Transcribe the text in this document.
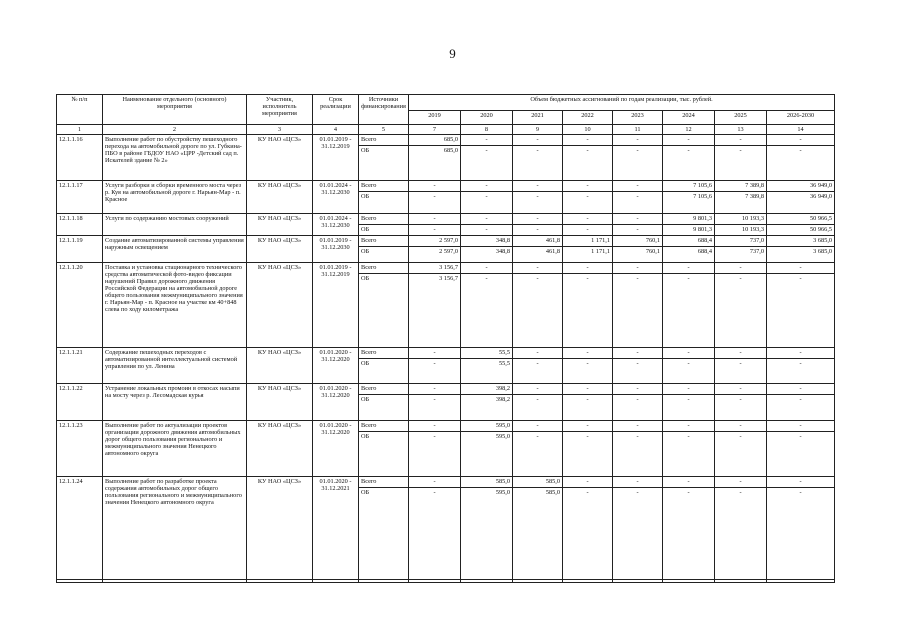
9
№ п/п	Наименование отдельного (основного) мероприятия	Участник, исполнитель мероприятия	Срок реализации	Источники финансирования	Объем бюджетных ассигнований по годам реализации, тыс. рублей.							
					2019	2020	2021	2022	2023	2024	2025	2026-2030
1	2	3	4	5	7	8	9	10	11	12	13	14
12.1.1.16	Выполнение работ по обустройству пешеходного перехода на автомобильной дороге по ул. Губкина-ПБО в районе ГБДОУ НАО «ЦРР -Детский сад п. Искателей здание № 2»	КУ НАО «ЦСЗ»	01.01.2019 - 31.12.2019	Всего	685,0	-	-	-	-	-	-	-
				ОБ	685,0	-	-	-	-	-	-	-
12.1.1.17	Услуги разборки и сборки временного моста через р. Куя на автомобильной дороге г. Нарьян-Мар - п. Красное	КУ НАО «ЦСЗ»	01.01.2024 - 31.12.2030	Всего	-	-	-	-	-	7 105,6	7 389,8	36 949,0
				ОБ	-	-	-	-	-	7 105,6	7 389,8	36 949,0
12.1.1.18	Услуги по содержанию мостовых сооружений	КУ НАО «ЦСЗ»	01.01.2024 - 31.12.2030	Всего	-	-	-	-	-	9 801,3	10 193,3	50 966,5
				ОБ	-	-	-	-	-	9 801,3	10 193,3	50 966,5
12.1.1.19	Создание автоматизированной системы управления наружным освещением	КУ НАО «ЦСЗ»	01.01.2019 - 31.12.2030	Всего	2 597,0	348,8	461,8	1 171,1	760,1	688,4	737,0	3 685,0
				ОБ	2 597,0	348,8	461,8	1 171,1	760,1	688,4	737,0	3 685,0
12.1.1.20	Поставка и установка стационарного технического средства автоматической фото-видео фиксации нарушений Правил дорожного движения Российской Федерации на автомобильной дороге общего пользования межмуниципального значения г. Нарьян-Мар - п. Красное на участке км 40+848 слева по ходу километража	КУ НАО «ЦСЗ»	01.01.2019 - 31.12.2019	Всего	3 156,7	-	-	-	-	-	-	-
				ОБ	3 156,7	-	-	-	-	-	-	-
12.1.1.21	Содержание пешеходных переходов с автоматизированной интеллектуальной системой управления по ул. Ленина	КУ НАО «ЦСЗ»	01.01.2020 - 31.12.2020	Всего	-	55,5	-	-	-	-	-	-
				ОБ	-	55,5	-	-	-	-	-	-
12.1.1.22	Устранение локальных промоин в откосах насыпи на мосту через р. Лесомадская курья	КУ НАО «ЦСЗ»	01.01.2020 - 31.12.2020	Всего	-	398,2	-	-	-	-	-	-
				ОБ	-	398,2	-	-	-	-	-	-
12.1.1.23	Выполнение работ по актуализации проектов организации дорожного движения автомобильных дорог общего пользования регионального и межмуниципального значения Ненецкого автономного округа	КУ НАО «ЦСЗ»	01.01.2020 - 31.12.2020	Всего	-	595,0	-	-	-	-	-	-
				ОБ	-	595,0	-	-	-	-	-	-
12.1.1.24	Выполнение работ по разработке проекта содержания автомобильных дорог общего пользования регионального и межмуниципального значения Ненецкого автономного округа	КУ НАО «ЦСЗ»	01.01.2020 - 31.12.2021	Всего	-	585,0	585,0	-	-	-	-	-
				ОБ	-	595,0	585,0	-	-	-	-	-
